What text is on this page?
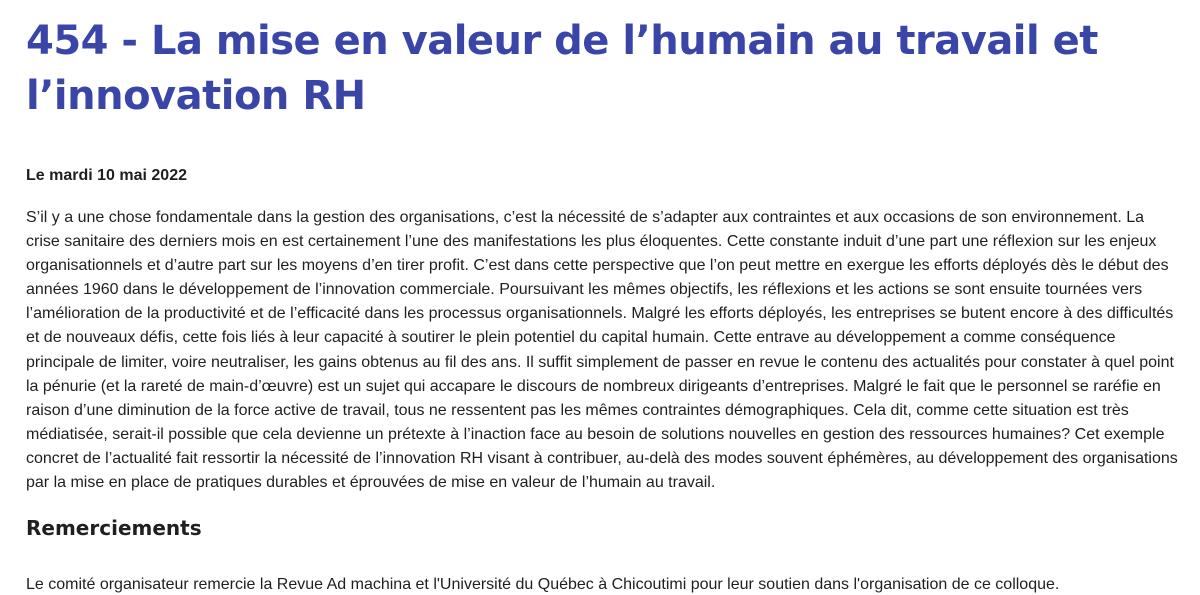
454 - La mise en valeur de l’humain au travail et l’innovation RH

Le mardi 10 mai 2022

S’il y a une chose fondamentale dans la gestion des organisations, c’est la nécessité de s’adapter aux contraintes et aux occasions de son environnement. La crise sanitaire des derniers mois en est certainement l’une des manifestations les plus éloquentes. Cette constante induit d’une part une réflexion sur les enjeux organisationnels et d’autre part sur les moyens d’en tirer profit. C’est dans cette perspective que l’on peut mettre en exergue les efforts déployés dès le début des années 1960 dans le développement de l’innovation commerciale. Poursuivant les mêmes objectifs, les réflexions et les actions se sont ensuite tournées vers l’amélioration de la productivité et de l’efficacité dans les processus organisationnels. Malgré les efforts déployés, les entreprises se butent encore à des difficultés et de nouveaux défis, cette fois liés à leur capacité à soutirer le plein potentiel du capital humain. Cette entrave au développement a comme conséquence principale de limiter, voire neutraliser, les gains obtenus au fil des ans. Il suffit simplement de passer en revue le contenu des actualités pour constater à quel point la pénurie (et la rareté de main-d’œuvre) est un sujet qui accapare le discours de nombreux dirigeants d’entreprises. Malgré le fait que le personnel se raréfie en raison d’une diminution de la force active de travail, tous ne ressentent pas les mêmes contraintes démographiques. Cela dit, comme cette situation est très médiatisée, serait-il possible que cela devienne un prétexte à l’inaction face au besoin de solutions nouvelles en gestion des ressources humaines? Cet exemple concret de l’actualité fait ressortir la nécessité de l’innovation RH visant à contribuer, au-delà des modes souvent éphémères, au développement des organisations par la mise en place de pratiques durables et éprouvées de mise en valeur de l’humain au travail.

Remerciements

Le comité organisateur remercie la Revue Ad machina et l'Université du Québec à Chicoutimi pour leur soutien dans l'organisation de ce colloque.
